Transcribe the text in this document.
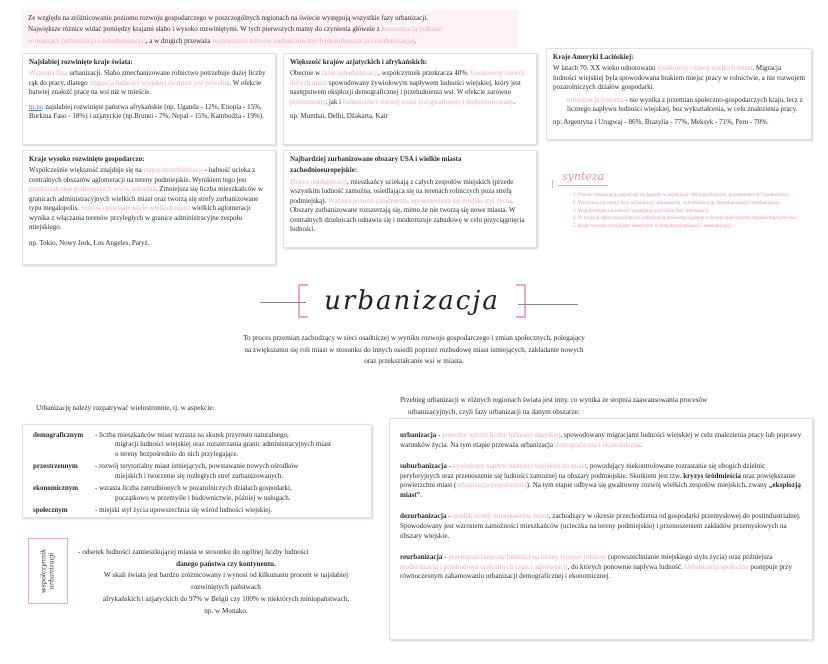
Ze względu na zróżnicowanie poziomu rozwoju gospodarczego w poszczególnych regionach na świecie występują wszystkie fazy urbanizacji.

Największe różnice widać pomiędzy krajami słabo i wysoko rozwiniętymi. W tych pierwszych mamy do czynienia głównie z koncentracją ludności

w miastach (urbanizacja i suburbanizacja), a w drugich przeważa rozpraszanie terenów zurbanizowanych (dezurbanizacja i reurbanizacja).

Najsłabiej rozwinięte kraje świata:

Wczesna faza urbanizacji. Słabo zmechanizowane rolnictwo potrzebuje dużej liczby rąk do pracy, dlatego migracja ludności wiejskiej do miast jest powolna. W efekcie batwiej znaleźć pracę na wsi niż w mieście.

m.in: najsłabiej rozwinięte państwa afrykańskie (np. Uganda - 12%, Etiopia - 15%, Burkina Faso - 18%) i azjatyckie (np.Brunei - 7%, Nepal - 15%, Kambodża - 19%).

Większość krajów azjatyckich i afrykańskich:

Obecnie w fazie suburbanizacji, współczynnik przekracza 40%. Gwałtowny rozwój dużych miast spowodowany żywiołowym napływem ludności wiejskiej, który jest następstwem eksplozji demograficznej i przeludnienia wsi. W efekcie zarówno przestrzenny, jak i ludnościowy rozwój miast jest gwałtowny i niekontrolowany.

np. Mumbai, Delhi, Dżakarta, Kair

Kraje Ameryki Łacińskiej:

W latach 70. XX wieku odnotowano gwałtowny rozwój wielkich miast. Migracja ludności wiejskiej była spowodowana brakiem miejsc pracy w rolnictwie, a nie rozwojem pozarolniczych działów gospodarki.

urbanizacja pozorna - nie wynika z przemian społeczno-gospodarczych kraju, lecz z licznego napływu ludności wiejskiej, bez wykształcenia, w celu znalezienia pracy.

np: Argentyna i Urugwaj - 86%, Brazylia - 77%, Meksyk - 71%, Peru - 70%.

Kraje wysoko rozwinięte gospodarczo:

Współcześnie większość znajduje się na etapie dezurbanizacji - ludność ucieka z centralnych obszarów aglomeracji na tereny podmiejskie. Wynikiem tego jest przekształcenie podmiejskich wsi w suburbia. Zmniejsza się liczba mieszkańców w granicach administracyjnych wielkich miast oraz tworzą się strefy zurbanizowane typu megalopolis. Szeroko powstaje wiele wielkich miast wielkich aglomeracji wynika z włączania terenów przyległych w granice administracyjne zespołu miejskiego.

np. Tokio, Nowy Jork, Los Angeles, Paryż.

Najbardziej zurbanizowane obszary USA i wielkie miasta
zachodnioeuropejskie:

Proces reurbanizacji, mieszkańcy uciekają z całych zespołów miejskich (przede wszystkim ludność zamożna, osiedlająca się na terenach rolniczych poza strefą podmiejską). Wzrasta poziom zaludnienia, upowszechnia się miejski styl życia. Obszary zurbanizowane rozszerzają się, mimo że nie tworzą się nowe miasta. W centralnych dzielnicach odnawia się i modernizuje zabudowę w celu przyciągnięcia ludności.

synteza
1. Proces urbanizacji rozpatruje się łącznie w aspektach: demograficznym, przestrzennym i społecznym.
2. Wyróżnia się cztery fazy urbanizacji: urbanizację, suburbanizację, dezurbanizację i reurbanizację.
3. Współcześnie na świecie występują wszystkie fazy urbanizacji.
4. W krajach słabo rozwiniętych urbanizacja przebiega zgodnie z dwoma pierwszymi etapami tego procesu.
5. Kraje wysoko rozwinięte wkroczyły w fazę dezurbanizacji i reurbanizacji.
urbanizacja

To proces przemian zachodzący w sieci osadniczej w wyniku rozwoju gospodarczego i zmian społecznych, polegający

na zwiększaniu się roli miast w stosunku do innych osiedli poprzez rozbudowę miast istniejących, zakładanie nowych

oraz przekształcanie wsi w miasta.

Urbanizację należy rozpatrywać wielostronnie, tj. w aspekcie:
demograficznym	- liczba mieszkańców miast wzrasta na skutek przyrostu naturalnego,
migracji ludności wiejskiej oraz rozszerzania granic administracyjnych miast
o tereny bezpośrednio do nich przylegające.
przestrzennym	- rozwój terytorialny miast istniejących, powstawanie nowych ośrodków
miejskich i tworzenie się rozległych stref zurbanizowanych.
ekonomicznym	- wzrasta liczba zatrudnionych w pozarolniczych działach gospodarki,
początkowo w przemyśle i budownictwie, później w usługach.
społecznym	- miejski styl życia upowszechnia się wśród ludności wiejskiej.
współczynnik urbanizacji

- odsetek ludności zamieszkującej miasta w stosunku do ogólnej liczby ludności

danego państwa czy kontynentu.

W skali świata jest bardzo zróżnicowany i wynosi od kilkunastu procent w najsłabiej

rozwiniętych państwach

afrykańskich i azjatyckich do 97% w Belgii czy 100% w niektórych miniopaństwach,

np. w Monako.

Przebieg urbanizacji w różnych regionach świata jest inny, co wynika ze stopnia zaawansowania procesów

urbanizacyjnych, czyli fazy urbanizacji na danym obszarze:

urbanizacja - powolny wzrost liczby ludności miejskiej, spowodowany migracjami ludności wiejskiej w celu znalezienia pracy lub poprawy warunków życia. Na tym etapie przeważa urbanizacja demograficzna i ekonomiczna.
suburbanizacja - żywiołowy napływ ludności wiejskiej do miast, powodujący niekontrolowane rozrastanie się ubogich dzielnic peryferyjnych oraz przenoszenie się ludności zamożnej na obszary podmiejskie. Skutkiem jest tzw. kryzys śródmieścia oraz powiększanie powierzchni miast (urbanizacja przestrzenna). Na tym etapie odbywa się gwałtowny rozwój wielkich zespołów miejskich, zwany „eksplozją miast”.
dezurbanizacja - spadek liczby mieszkańców miast, zachodzący w okresie przechodzenia od gospodarki przemysłowej do postindustrialnej. Spowodowany jest wzrostem zamożności mieszkańców (ucieczka na tereny podmiejskie) i przenoszeniem zakładów przemysłowych na obszary wiejskie.
reurbanizacja - przemieszczanie się ludności na tereny typowo rolnicze (upowszechnianie miejskiego stylu życia) oraz późniejsza modernizacja i przebudowa centralnych części aglomeracji, do których ponownie napływa ludność. Urbanizacja społeczna postępuje przy równoczesnym zahamowaniu urbanizacji demograficznej i ekonomicznej.
